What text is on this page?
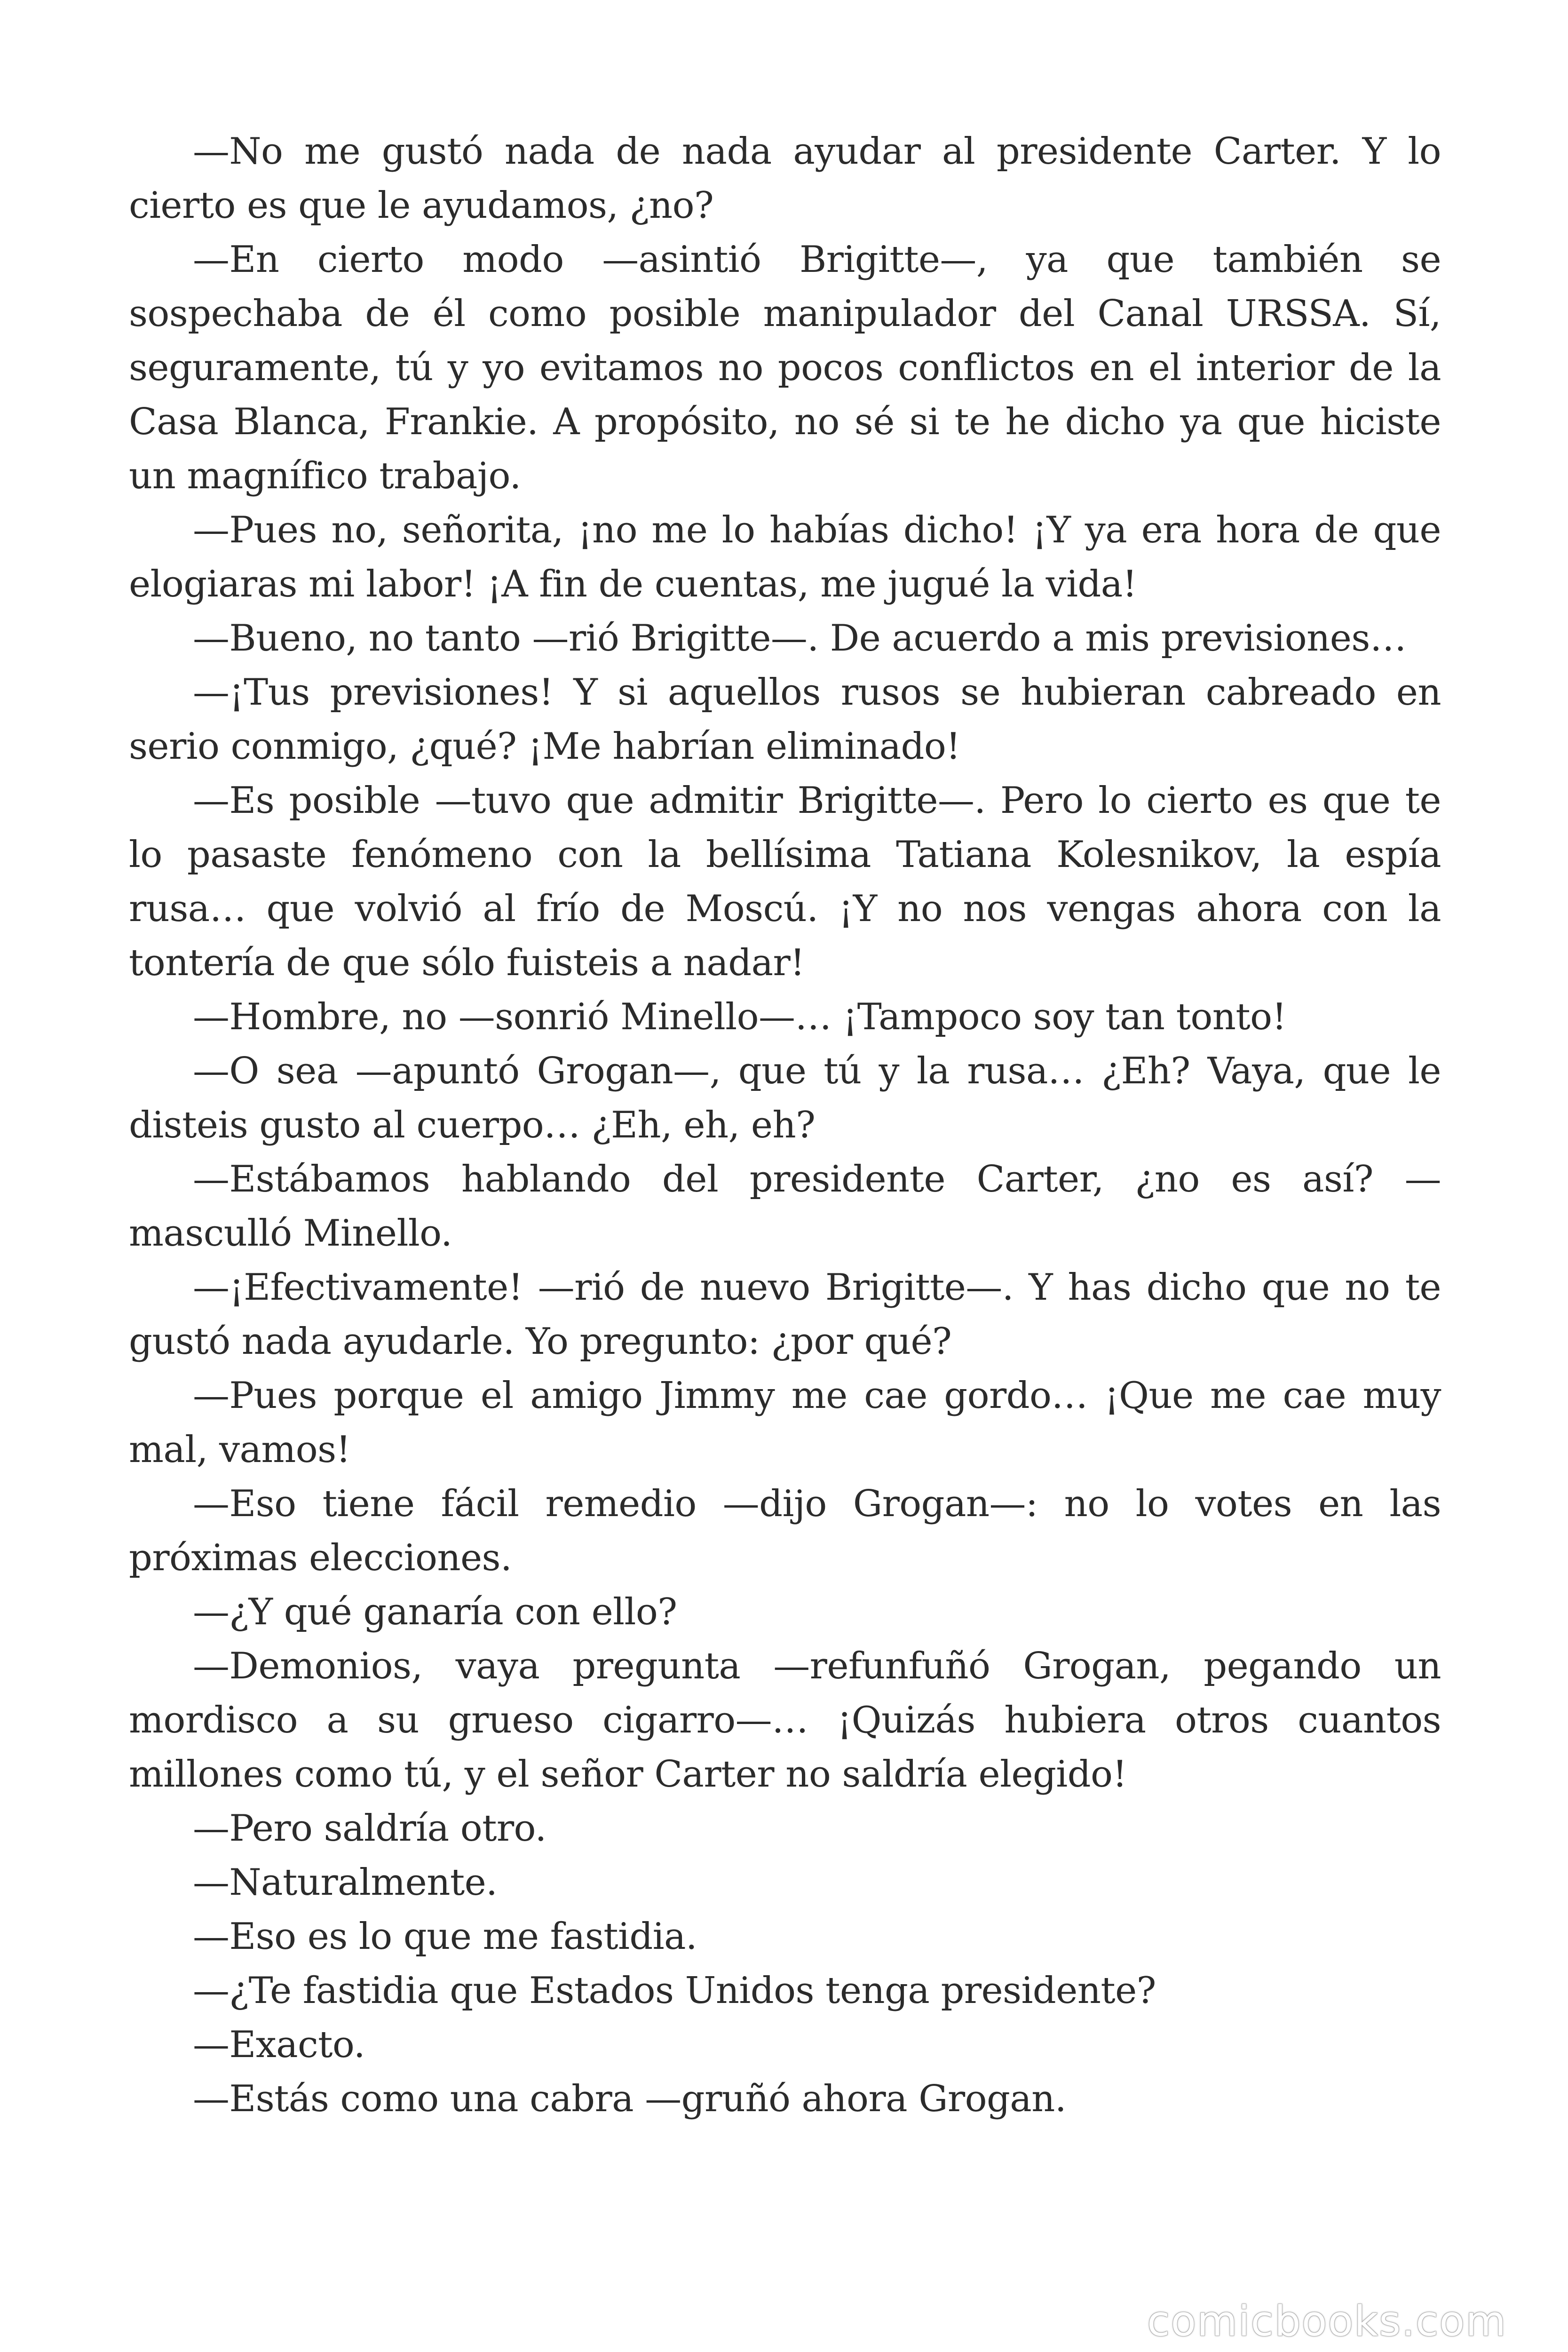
—No me gustó nada de nada ayudar al presidente Carter. Y lo cierto es que le ayudamos, ¿no?

—En cierto modo —asintió Brigitte—, ya que también se sospechaba de él como posible manipulador del Canal URSSA. Sí, seguramente, tú y yo evitamos no pocos conflictos en el interior de la Casa Blanca, Frankie. A propósito, no sé si te he dicho ya que hiciste un magnífico trabajo.

—Pues no, señorita, ¡no me lo habías dicho! ¡Y ya era hora de que elogiaras mi labor! ¡A fin de cuentas, me jugué la vida!

—Bueno, no tanto —rió Brigitte—. De acuerdo a mis previsiones…

—¡Tus previsiones! Y si aquellos rusos se hubieran cabreado en serio conmigo, ¿qué? ¡Me habrían eliminado!

—Es posible —tuvo que admitir Brigitte—. Pero lo cierto es que te lo pasaste fenómeno con la bellísima Tatiana Kolesnikov, la espía rusa… que volvió al frío de Moscú. ¡Y no nos vengas ahora con la tontería de que sólo fuisteis a nadar!

—Hombre, no —sonrió Minello—… ¡Tampoco soy tan tonto!

—O sea —apuntó Grogan—, que tú y la rusa… ¿Eh? Vaya, que le disteis gusto al cuerpo… ¿Eh, eh, eh?

—Estábamos hablando del presidente Carter, ¿no es así? —masculló Minello.

—¡Efectivamente! —rió de nuevo Brigitte—. Y has dicho que no te gustó nada ayudarle. Yo pregunto: ¿por qué?

—Pues porque el amigo Jimmy me cae gordo… ¡Que me cae muy mal, vamos!

—Eso tiene fácil remedio —dijo Grogan—: no lo votes en las próximas elecciones.

—¿Y qué ganaría con ello?

—Demonios, vaya pregunta —refunfuñó Grogan, pegando un mordisco a su grueso cigarro—… ¡Quizás hubiera otros cuantos millones como tú, y el señor Carter no saldría elegido!

—Pero saldría otro.

—Naturalmente.

—Eso es lo que me fastidia.

—¿Te fastidia que Estados Unidos tenga presidente?

—Exacto.

—Estás como una cabra —gruñó ahora Grogan.

comicbooks.com
